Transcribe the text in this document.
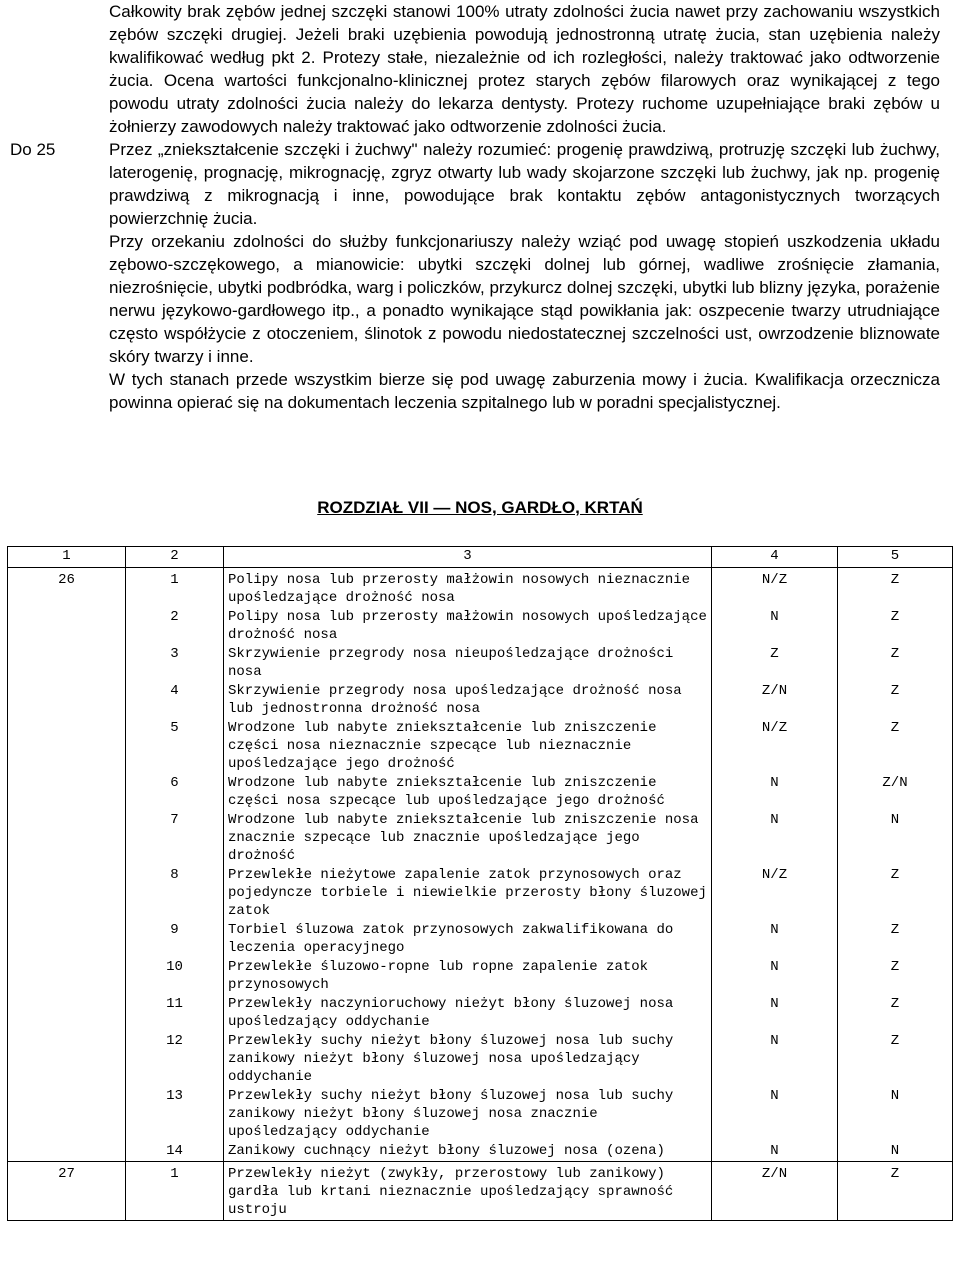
Całkowity brak zębów jednej szczęki stanowi 100% utraty zdolności żucia nawet przy zachowaniu wszystkich zębów szczęki drugiej. Jeżeli braki uzębienia powodują jednostronną utratę żucia, stan uzębienia należy kwalifikować według pkt 2. Protezy stałe, niezależnie od ich rozległości, należy traktować jako odtworzenie żucia. Ocena wartości funkcjonalno-klinicznej protez starych zębów filarowych oraz wynikającej z tego powodu utraty zdolności żucia należy do lekarza dentysty. Protezy ruchome uzupełniające braki zębów u żołnierzy zawodowych należy traktować jako odtworzenie zdolności żucia.

Do 25	Przez „zniekształcenie szczęki i żuchwy" należy rozumieć: progenię prawdziwą, protruzję szczęki lub żuchwy, laterogenię, prognację, mikrognację, zgryz otwarty lub wady skojarzone szczęki lub żuchwy, jak np. progenię prawdziwą z mikrognacją i inne, powodujące brak kontaktu zębów antagonistycznych tworzących powierzchnię żucia.

Przy orzekaniu zdolności do służby funkcjonariuszy należy wziąć pod uwagę stopień uszkodzenia układu zębowo-szczękowego, a mianowicie: ubytki szczęki dolnej lub górnej, wadliwe zrośnięcie złamania, niezrośnięcie, ubytki podbródka, warg i policzków, przykurcz dolnej szczęki, ubytki lub blizny języka, porażenie nerwu językowo-gardłowego itp., a ponadto wynikające stąd powikłania jak: oszpecenie twarzy utrudniające często współżycie z otoczeniem, ślinotok z powodu niedostatecznej szczelności ust, owrzodzenie bliznowate skóry twarzy i inne.

W tych stanach przede wszystkim bierze się pod uwagę zaburzenia mowy i żucia. Kwalifikacja orzecznicza powinna opierać się na dokumentach leczenia szpitalnego lub w poradni specjalistycznej.

ROZDZIAŁ VII — NOS, GARDŁO, KRTAŃ
1	2	3	4	5
26	1	Polipy nosa lub przerosty małżowin nosowych nieznacznie upośledzające drożność nosa	N/Z	Z
	2	Polipy nosa lub przerosty małżowin nosowych upośledzające drożność nosa	N	Z
	3	Skrzywienie przegrody nosa nieupośledzające drożności nosa	Z	Z
	4	Skrzywienie przegrody nosa upośledzające drożność nosa lub jednostronna drożność nosa	Z/N	Z
	5	Wrodzone lub nabyte zniekształcenie lub zniszczenie części nosa nieznacznie szpecące lub nieznacznie upośledzające jego drożność	N/Z	Z
	6	Wrodzone lub nabyte zniekształcenie lub zniszczenie części nosa szpecące lub upośledzające jego drożność	N	Z/N
	7	Wrodzone lub nabyte zniekształcenie lub zniszczenie nosa znacznie szpecące lub znacznie upośledzające jego drożność	N	N
	8	Przewlekłe nieżytowe zapalenie zatok przynosowych oraz pojedyncze torbiele i niewielkie przerosty błony śluzowej zatok	N/Z	Z
	9	Torbiel śluzowa zatok przynosowych zakwalifikowana do leczenia operacyjnego	N	Z
	10	Przewlekłe śluzowo-ropne lub ropne zapalenie zatok przynosowych	N	Z
	11	Przewlekły naczynioruchowy nieżyt błony śluzowej nosa upośledzający oddychanie	N	Z
	12	Przewlekły suchy nieżyt błony śluzowej nosa lub suchy zanikowy nieżyt błony śluzowej nosa upośledzający oddychanie	N	Z
	13	Przewlekły suchy nieżyt błony śluzowej nosa lub suchy zanikowy nieżyt błony śluzowej nosa znacznie upośledzający oddychanie	N	N
	14	Zanikowy cuchnący nieżyt błony śluzowej nosa (ozena)	N	N
27	1	Przewlekły nieżyt (zwykły, przerostowy lub zanikowy) gardła lub krtani nieznacznie upośledzający sprawność ustroju	Z/N	Z
